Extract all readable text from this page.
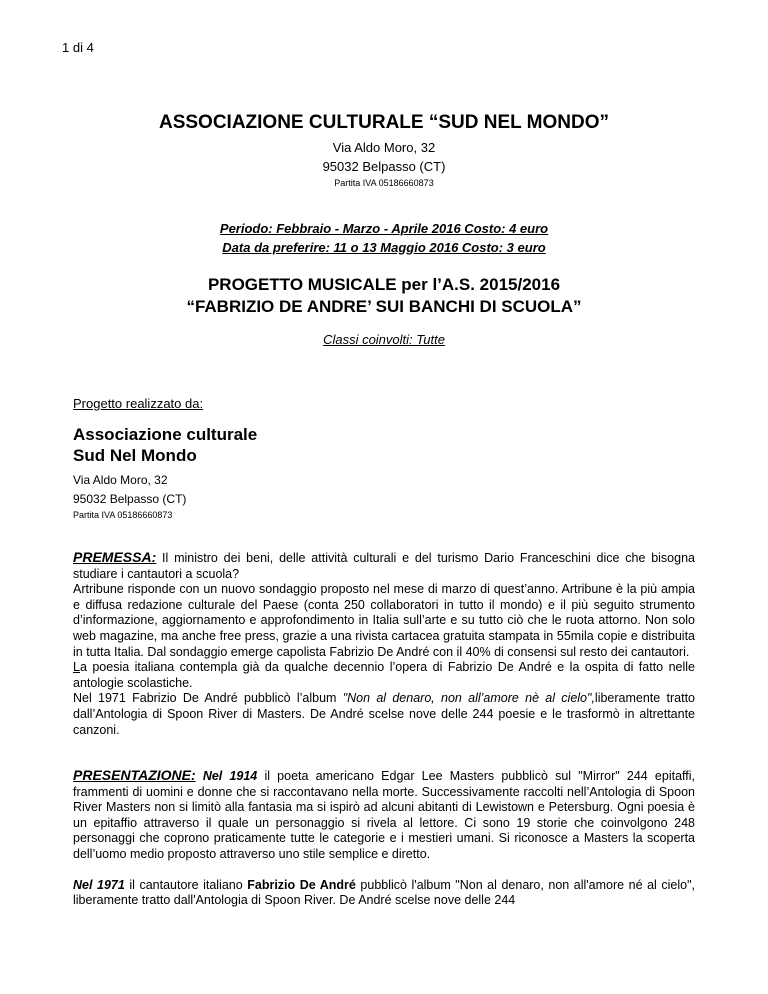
1 di 4
ASSOCIAZIONE CULTURALE “SUD NEL MONDO”
Via Aldo Moro, 32
95032 Belpasso (CT)
Partita IVA 05186660873
Periodo: Febbraio - Marzo - Aprile 2016 Costo: 4 euro
Data da preferire: 11 o 13 Maggio 2016 Costo: 3 euro
PROGETTO MUSICALE per l’A.S. 2015/2016
“FABRIZIO DE ANDRE’ SUI BANCHI DI SCUOLA”
Classi coinvolti: Tutte
Progetto realizzato da:
Associazione culturale
Sud Nel Mondo
Via Aldo Moro, 32
95032 Belpasso (CT)
Partita IVA 05186660873

PREMESSA: Il ministro dei beni, delle attività culturali e del turismo Dario Franceschini dice che bisogna studiare i cantautori a scuola?

Artribune risponde con un nuovo sondaggio proposto nel mese di marzo di quest’anno. Artribune è la più ampia e diffusa redazione culturale del Paese (conta 250 collaboratori in tutto il mondo) e il più seguito strumento d’informazione, aggiornamento e approfondimento in Italia sull’arte e su tutto ciò che le ruota attorno. Non solo web magazine, ma anche free press, grazie a una rivista cartacea gratuita stampata in 55mila copie e distribuita in tutta Italia. Dal sondaggio emerge capolista Fabrizio De André con il 40% di consensi sul resto dei cantautori.

La poesia italiana contempla già da qualche decennio l’opera di Fabrizio De André e la ospita di fatto nelle antologie scolastiche.

Nel 1971 Fabrizio De André pubblicò l’album "Non al denaro, non all’amore nè al cielo",liberamente tratto dall’Antologia di Spoon River di Masters. De André scelse nove delle 244 poesie e le trasformò in altrettante canzoni.

PRESENTAZIONE: Nel 1914 il poeta americano Edgar Lee Masters pubblicò sul "Mirror" 244 epitaffi, frammenti di uomini e donne che si raccontavano nella morte. Successivamente raccolti nell’Antologia di Spoon River Masters non si limitò alla fantasia ma si ispirò ad alcuni abitanti di Lewistown e Petersburg. Ogni poesia è un epitaffio attraverso il quale un personaggio si rivela al lettore. Ci sono 19 storie che coinvolgono 248 personaggi che coprono praticamente tutte le categorie e i mestieri umani. Si riconosce a Masters la scoperta dell’uomo medio proposto attraverso uno stile semplice e diretto.

Nel 1971 il cantautore italiano Fabrizio De André pubblicò l'album "Non al denaro, non all'amore né al cielo", liberamente tratto dall'Antologia di Spoon River. De André scelse nove delle 244
